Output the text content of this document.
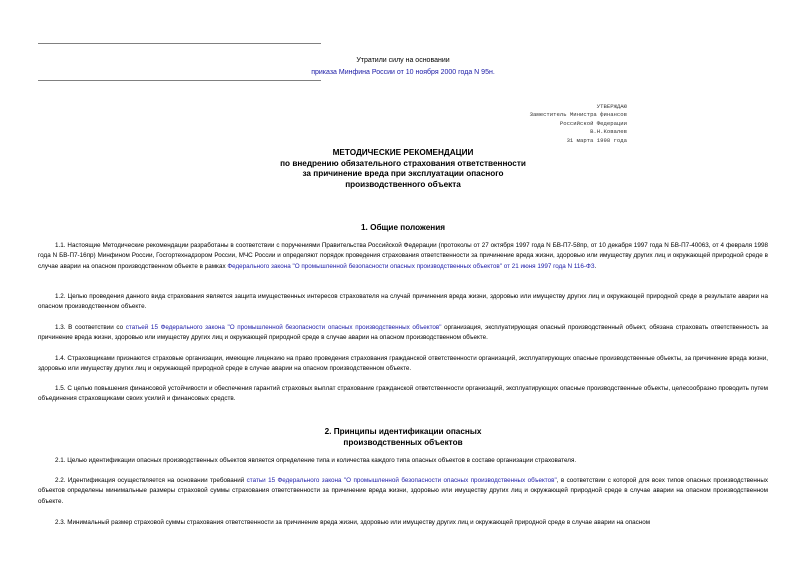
Утратили силу на основании
приказа Минфина России от 10 ноября 2000 года N 95н.
УТВЕРЖДАЮ
Заместитель Министра финансов
Российской Федерации
В.Н.Ковалев
31 марта 1998 года
МЕТОДИЧЕСКИЕ РЕКОМЕНДАЦИИ
по внедрению обязательного страхования ответственности
за причинение вреда при эксплуатации опасного
производственного объекта
1. Общие положения

1.1. Настоящие Методические рекомендации разработаны в соответствии с поручениями Правительства Российской Федерации (протоколы от 27 октября 1997 года N БВ-П7-58пр, от 10 декабря 1997 года N БВ-П7-40063, от 4 февраля 1998 года N БВ-П7-16пр) Минфином России, Госгортехнадзором России, МЧС России и определяют порядок проведения страхования ответственности за причинение вреда жизни, здоровью или имуществу других лиц и окружающей природной среде в случае аварии на опасном производственном объекте в рамках Федерального закона "О промышленной безопасности опасных производственных объектов" от 21 июня 1997 года N 116-ФЗ.

1.2. Целью проведения данного вида страхования является защита имущественных интересов страхователя на случай причинения вреда жизни, здоровью или имуществу других лиц и окружающей природной среде в результате аварии на опасном производственном объекте.

1.3. В соответствии со статьей 15 Федерального закона "О промышленной безопасности опасных производственных объектов" организация, эксплуатирующая опасный производственный объект, обязана страховать ответственность за причинение вреда жизни, здоровью или имуществу других лиц и окружающей природной среде в случае аварии на опасном производственном объекте.

1.4. Страховщиками признаются страховые организации, имеющие лицензию на право проведения страхования гражданской ответственности организаций, эксплуатирующих опасные производственные объекты, за причинение вреда жизни, здоровью или имуществу других лиц и окружающей природной среде в случае аварии на опасном производственном объекте.

1.5. С целью повышения финансовой устойчивости и обеспечения гарантий страховых выплат страхование гражданской ответственности организаций, эксплуатирующих опасные производственные объекты, целесообразно проводить путем объединения страховщиками своих усилий и финансовых средств.

2. Принципы идентификации опасных
производственных объектов

2.1. Целью идентификации опасных производственных объектов является определение типа и количества каждого типа опасных объектов в составе организации страхователя.

2.2. Идентификация осуществляется на основании требований статьи 15 Федерального закона "О промышленной безопасности опасных производственных объектов", в соответствии с которой для всех типов опасных производственных объектов определены минимальные размеры страховой суммы страхования ответственности за причинение вреда жизни, здоровью или имуществу других лиц и окружающей природной среде в случае аварии на опасном производственном объекте.

2.3. Минимальный размер страховой суммы страхования ответственности за причинение вреда жизни, здоровью или имуществу других лиц и окружающей природной среде в случае аварии на опасном
